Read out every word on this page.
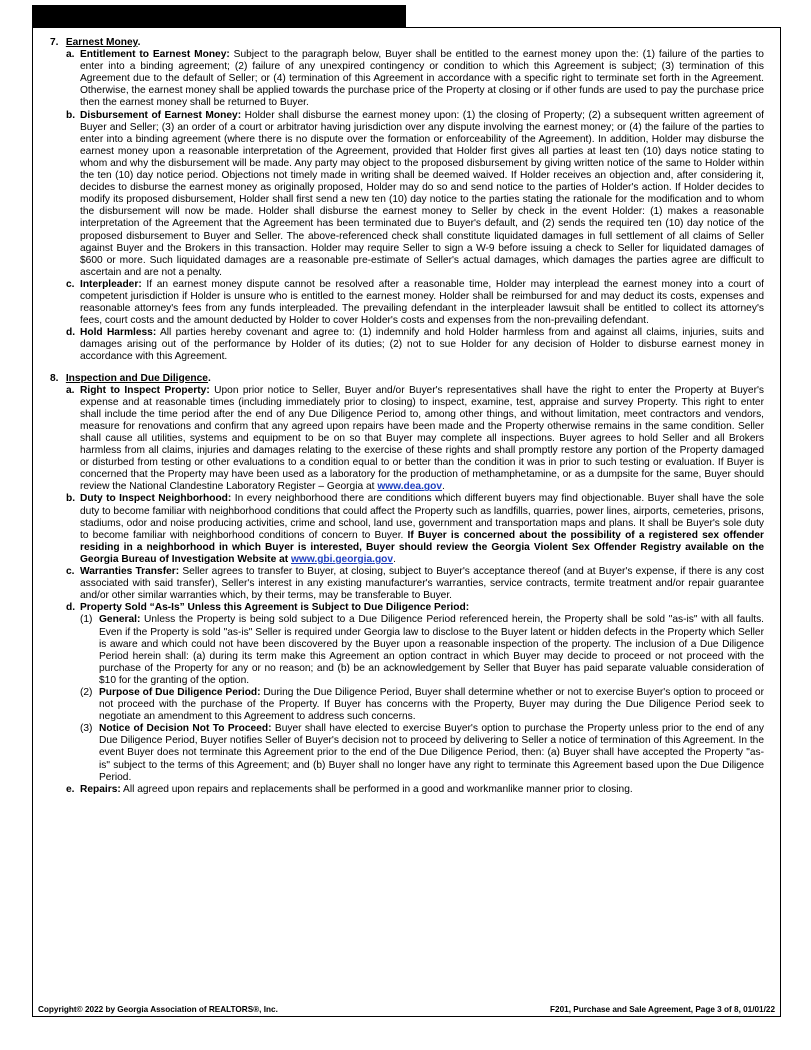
7. Earnest Money.
a. Entitlement to Earnest Money: Subject to the paragraph below, Buyer shall be entitled to the earnest money upon the: (1) failure of the parties to enter into a binding agreement; (2) failure of any unexpired contingency or condition to which this Agreement is subject; (3) termination of this Agreement due to the default of Seller; or (4) termination of this Agreement in accordance with a specific right to terminate set forth in the Agreement. Otherwise, the earnest money shall be applied towards the purchase price of the Property at closing or if other funds are used to pay the purchase price then the earnest money shall be returned to Buyer.
b. Disbursement of Earnest Money: Holder shall disburse the earnest money upon: (1) the closing of Property; (2) a subsequent written agreement of Buyer and Seller; (3) an order of a court or arbitrator having jurisdiction over any dispute involving the earnest money; or (4) the failure of the parties to enter into a binding agreement (where there is no dispute over the formation or enforceability of the Agreement). In addition, Holder may disburse the earnest money upon a reasonable interpretation of the Agreement, provided that Holder first gives all parties at least ten (10) days notice stating to whom and why the disbursement will be made. Any party may object to the proposed disbursement by giving written notice of the same to Holder within the ten (10) day notice period. Objections not timely made in writing shall be deemed waived. If Holder receives an objection and, after considering it, decides to disburse the earnest money as originally proposed, Holder may do so and send notice to the parties of Holder's action. If Holder decides to modify its proposed disbursement, Holder shall first send a new ten (10) day notice to the parties stating the rationale for the modification and to whom the disbursement will now be made. Holder shall disburse the earnest money to Seller by check in the event Holder: (1) makes a reasonable interpretation of the Agreement that the Agreement has been terminated due to Buyer's default, and (2) sends the required ten (10) day notice of the proposed disbursement to Buyer and Seller. The above-referenced check shall constitute liquidated damages in full settlement of all claims of Seller against Buyer and the Brokers in this transaction. Holder may require Seller to sign a W-9 before issuing a check to Seller for liquidated damages of $600 or more. Such liquidated damages are a reasonable pre-estimate of Seller's actual damages, which damages the parties agree are difficult to ascertain and are not a penalty.
c. Interpleader: If an earnest money dispute cannot be resolved after a reasonable time, Holder may interplead the earnest money into a court of competent jurisdiction if Holder is unsure who is entitled to the earnest money. Holder shall be reimbursed for and may deduct its costs, expenses and reasonable attorney's fees from any funds interpleaded. The prevailing defendant in the interpleader lawsuit shall be entitled to collect its attorney's fees, court costs and the amount deducted by Holder to cover Holder's costs and expenses from the non-prevailing defendant.
d. Hold Harmless: All parties hereby covenant and agree to: (1) indemnify and hold Holder harmless from and against all claims, injuries, suits and damages arising out of the performance by Holder of its duties; (2) not to sue Holder for any decision of Holder to disburse earnest money in accordance with this Agreement.
8. Inspection and Due Diligence.
a. Right to Inspect Property: Upon prior notice to Seller, Buyer and/or Buyer's representatives shall have the right to enter the Property at Buyer's expense and at reasonable times (including immediately prior to closing) to inspect, examine, test, appraise and survey Property. This right to enter shall include the time period after the end of any Due Diligence Period to, among other things, and without limitation, meet contractors and vendors, measure for renovations and confirm that any agreed upon repairs have been made and the Property otherwise remains in the same condition. Seller shall cause all utilities, systems and equipment to be on so that Buyer may complete all inspections. Buyer agrees to hold Seller and all Brokers harmless from all claims, injuries and damages relating to the exercise of these rights and shall promptly restore any portion of the Property damaged or disturbed from testing or other evaluations to a condition equal to or better than the condition it was in prior to such testing or evaluation. If Buyer is concerned that the Property may have been used as a laboratory for the production of methamphetamine, or as a dumpsite for the same, Buyer should review the National Clandestine Laboratory Register – Georgia at www.dea.gov.
b. Duty to Inspect Neighborhood: In every neighborhood there are conditions which different buyers may find objectionable. Buyer shall have the sole duty to become familiar with neighborhood conditions that could affect the Property such as landfills, quarries, power lines, airports, cemeteries, prisons, stadiums, odor and noise producing activities, crime and school, land use, government and transportation maps and plans. It shall be Buyer's sole duty to become familiar with neighborhood conditions of concern to Buyer. If Buyer is concerned about the possibility of a registered sex offender residing in a neighborhood in which Buyer is interested, Buyer should review the Georgia Violent Sex Offender Registry available on the Georgia Bureau of Investigation Website at www.gbi.georgia.gov.
c. Warranties Transfer: Seller agrees to transfer to Buyer, at closing, subject to Buyer's acceptance thereof (and at Buyer's expense, if there is any cost associated with said transfer), Seller's interest in any existing manufacturer's warranties, service contracts, termite treatment and/or repair guarantee and/or other similar warranties which, by their terms, may be transferable to Buyer.
d. Property Sold “As-Is” Unless this Agreement is Subject to Due Diligence Period:
(1) General: Unless the Property is being sold subject to a Due Diligence Period referenced herein, the Property shall be sold "as-is" with all faults. Even if the Property is sold "as-is" Seller is required under Georgia law to disclose to the Buyer latent or hidden defects in the Property which Seller is aware and which could not have been discovered by the Buyer upon a reasonable inspection of the property. The inclusion of a Due Diligence Period herein shall: (a) during its term make this Agreement an option contract in which Buyer may decide to proceed or not proceed with the purchase of the Property for any or no reason; and (b) be an acknowledgement by Seller that Buyer has paid separate valuable consideration of $10 for the granting of the option.
(2) Purpose of Due Diligence Period: During the Due Diligence Period, Buyer shall determine whether or not to exercise Buyer's option to proceed or not proceed with the purchase of the Property. If Buyer has concerns with the Property, Buyer may during the Due Diligence Period seek to negotiate an amendment to this Agreement to address such concerns.
(3) Notice of Decision Not To Proceed: Buyer shall have elected to exercise Buyer's option to purchase the Property unless prior to the end of any Due Diligence Period, Buyer notifies Seller of Buyer's decision not to proceed by delivering to Seller a notice of termination of this Agreement. In the event Buyer does not terminate this Agreement prior to the end of the Due Diligence Period, then: (a) Buyer shall have accepted the Property "as-is" subject to the terms of this Agreement; and (b) Buyer shall no longer have any right to terminate this Agreement based upon the Due Diligence Period.
e. Repairs: All agreed upon repairs and replacements shall be performed in a good and workmanlike manner prior to closing.
Copyright© 2022 by Georgia Association of REALTORS®, Inc.	F201, Purchase and Sale Agreement, Page 3 of 8, 01/01/22
